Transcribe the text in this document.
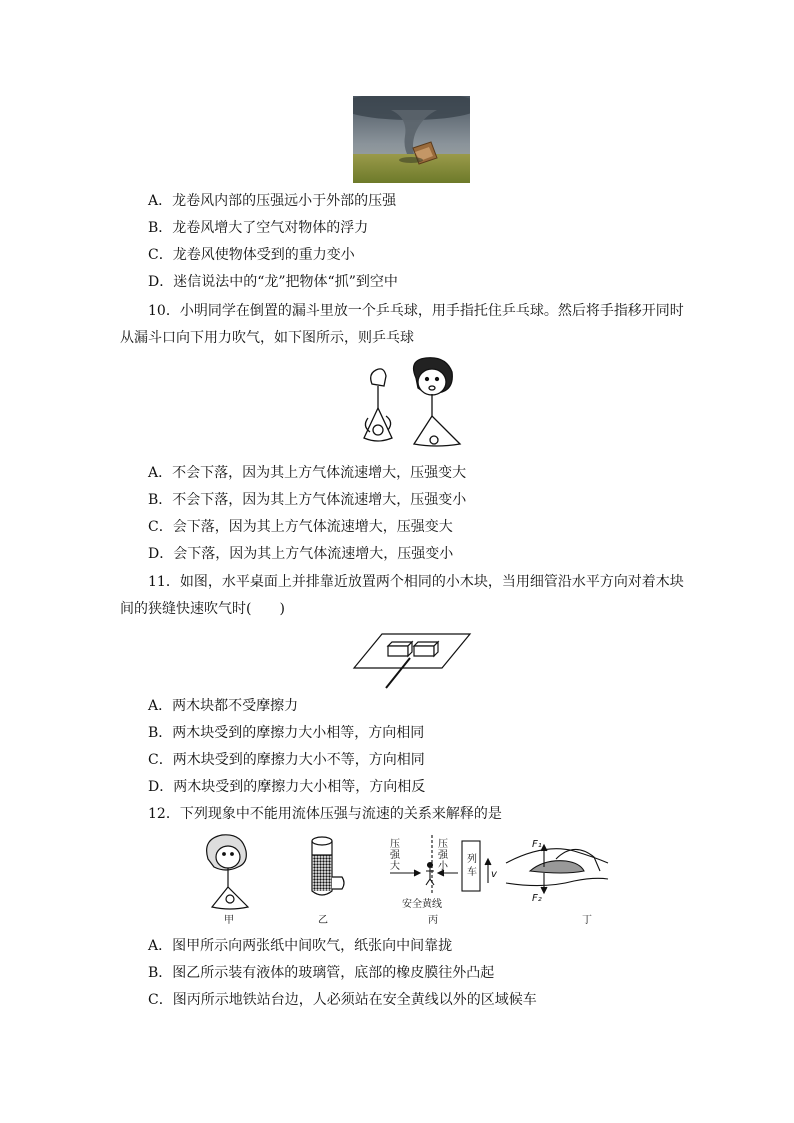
A．龙卷风内部的压强远小于外部的压强
B．龙卷风增大了空气对物体的浮力
C．龙卷风使物体受到的重力变小
D．迷信说法中的“龙”把物体“抓”到空中
10．小明同学在倒置的漏斗里放一个乒乓球，用手指托住乒乓球。然后将手指移开同时
从漏斗口向下用力吹气，如下图所示，则乒乓球
A．不会下落，因为其上方气体流速增大，压强变大
B．不会下落，因为其上方气体流速增大，压强变小
C．会下落，因为其上方气体流速增大，压强变大
D．会下落，因为其上方气体流速增大，压强变小
11．如图，水平桌面上并排靠近放置两个相同的小木块，当用细管沿水平方向对着木块
间的狭缝快速吹气时(　　)
A．两木块都不受摩擦力
B．两木块受到的摩擦力大小相等，方向相同
C．两木块受到的摩擦力大小不等，方向相同
D．两木块受到的摩擦力大小相等，方向相反
12．下列现象中不能用流体压强与流速的关系来解释的是
甲	乙
压
强
大
压
强
小
列
车 v
安全黄线
丙
F₁
F₂
丁
A．图甲所示向两张纸中间吹气，纸张向中间靠拢
B．图乙所示装有液体的玻璃管，底部的橡皮膜往外凸起
C．图丙所示地铁站台边，人必须站在安全黄线以外的区域候车
